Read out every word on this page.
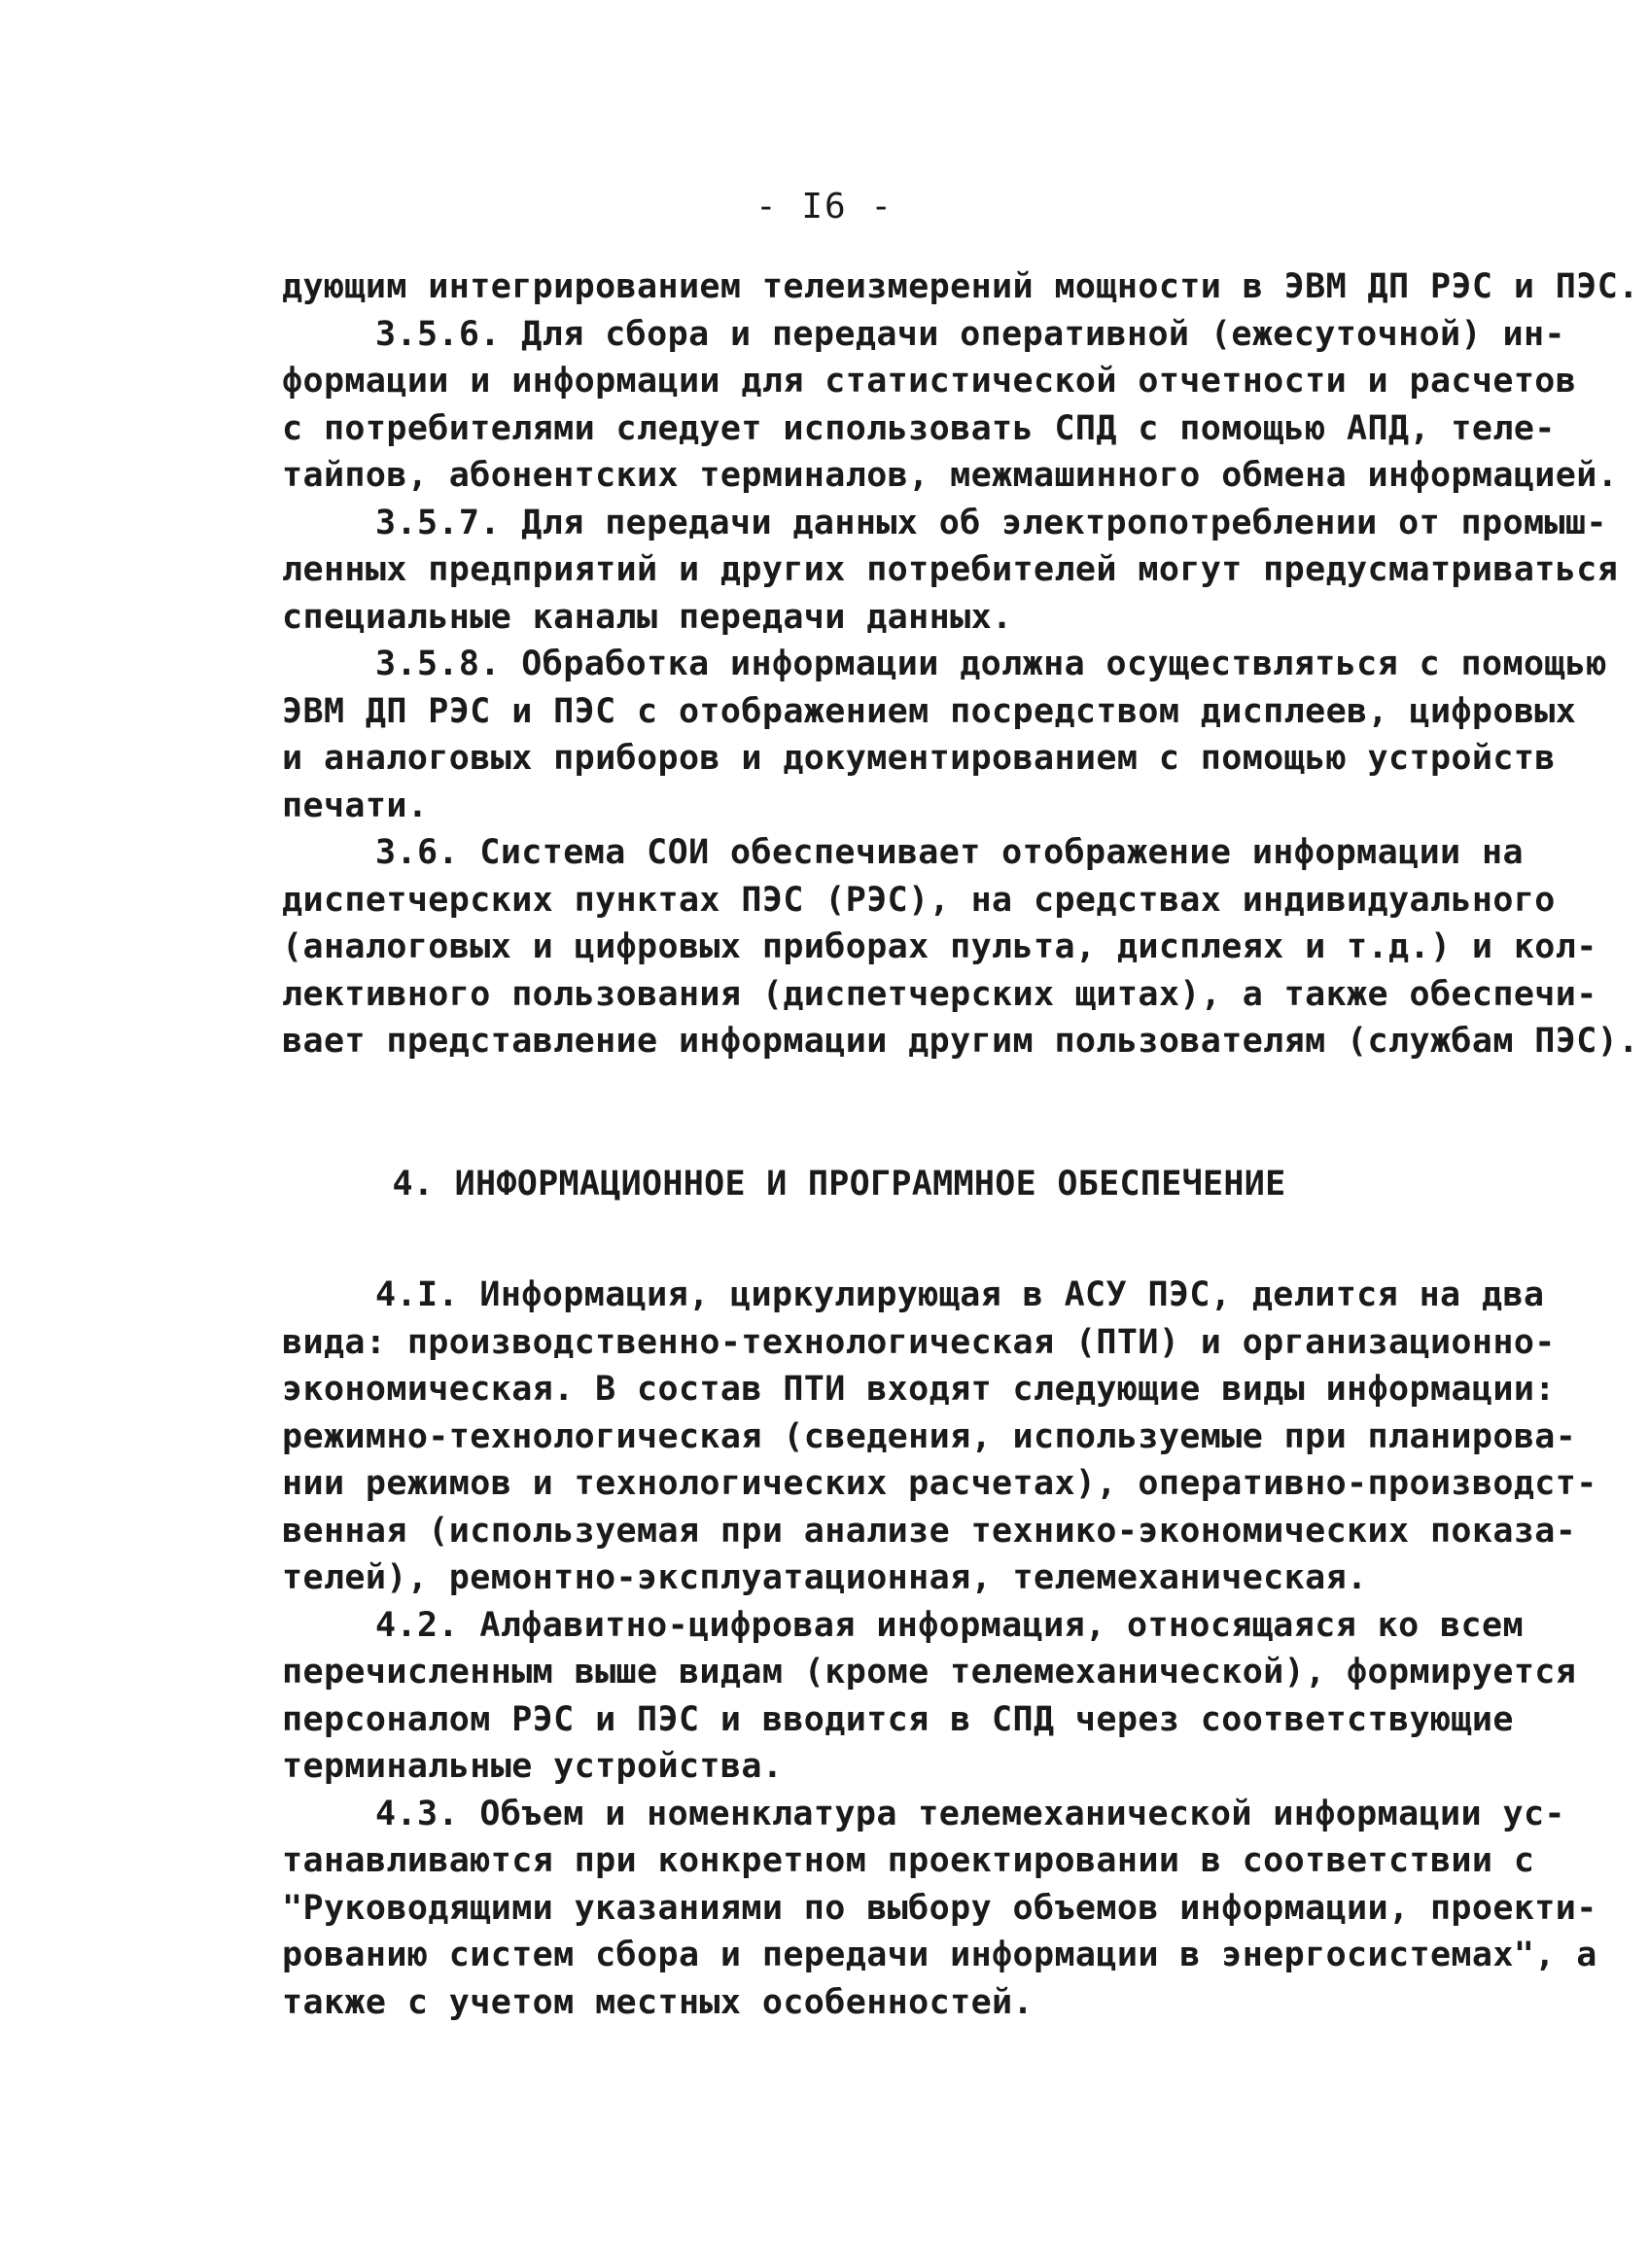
- I6 -
дующим интегрированием телеизмерений мощности в ЭВМ ДП РЭС и ПЭС.
3.5.6. Для сбора и передачи оперативной (ежесуточной) ин-
формации и информации для статистической отчетности и расчетов
с потребителями следует использовать СПД с помощью АПД, теле-
тайпов, абонентских терминалов, межмашинного обмена информацией.
3.5.7. Для передачи данных об электропотреблении от промыш-
ленных предприятий и других потребителей могут предусматриваться
специальные каналы передачи данных.
3.5.8. Обработка информации должна осуществляться с помощью
ЭВМ ДП РЭС и ПЭС с отображением посредством дисплеев, цифровых
и аналоговых приборов и документированием с помощью устройств
печати.
3.6. Система СОИ обеспечивает отображение информации на
диспетчерских пунктах ПЭС (РЭС), на средствах индивидуального
(аналоговых и цифровых приборах пульта, дисплеях и т.д.) и кол-
лективного пользования (диспетчерских щитах), а также обеспечи-
вает представление информации другим пользователям (службам ПЭС).
4. ИНФОРМАЦИОННОЕ И ПРОГРАММНОЕ ОБЕСПЕЧЕНИЕ
4.I. Информация, циркулирующая в АСУ ПЭС, делится на два
вида: производственно-технологическая (ПТИ) и организационно-
экономическая. В состав ПТИ входят следующие виды информации:
режимно-технологическая (сведения, используемые при планирова-
нии режимов и технологических расчетах), оперативно-производст-
венная (используемая при анализе технико-экономических показа-
телей), ремонтно-эксплуатационная, телемеханическая.
4.2. Алфавитно-цифровая информация, относящаяся ко всем
перечисленным выше видам (кроме телемеханической), формируется
персоналом РЭС и ПЭС и вводится в СПД через соответствующие
терминальные устройства.
4.3. Объем и номенклатура телемеханической информации ус-
танавливаются при конкретном проектировании в соответствии с
"Руководящими указаниями по выбору объемов информации, проекти-
рованию систем сбора и передачи информации в энергосистемах", а
также с учетом местных особенностей.
